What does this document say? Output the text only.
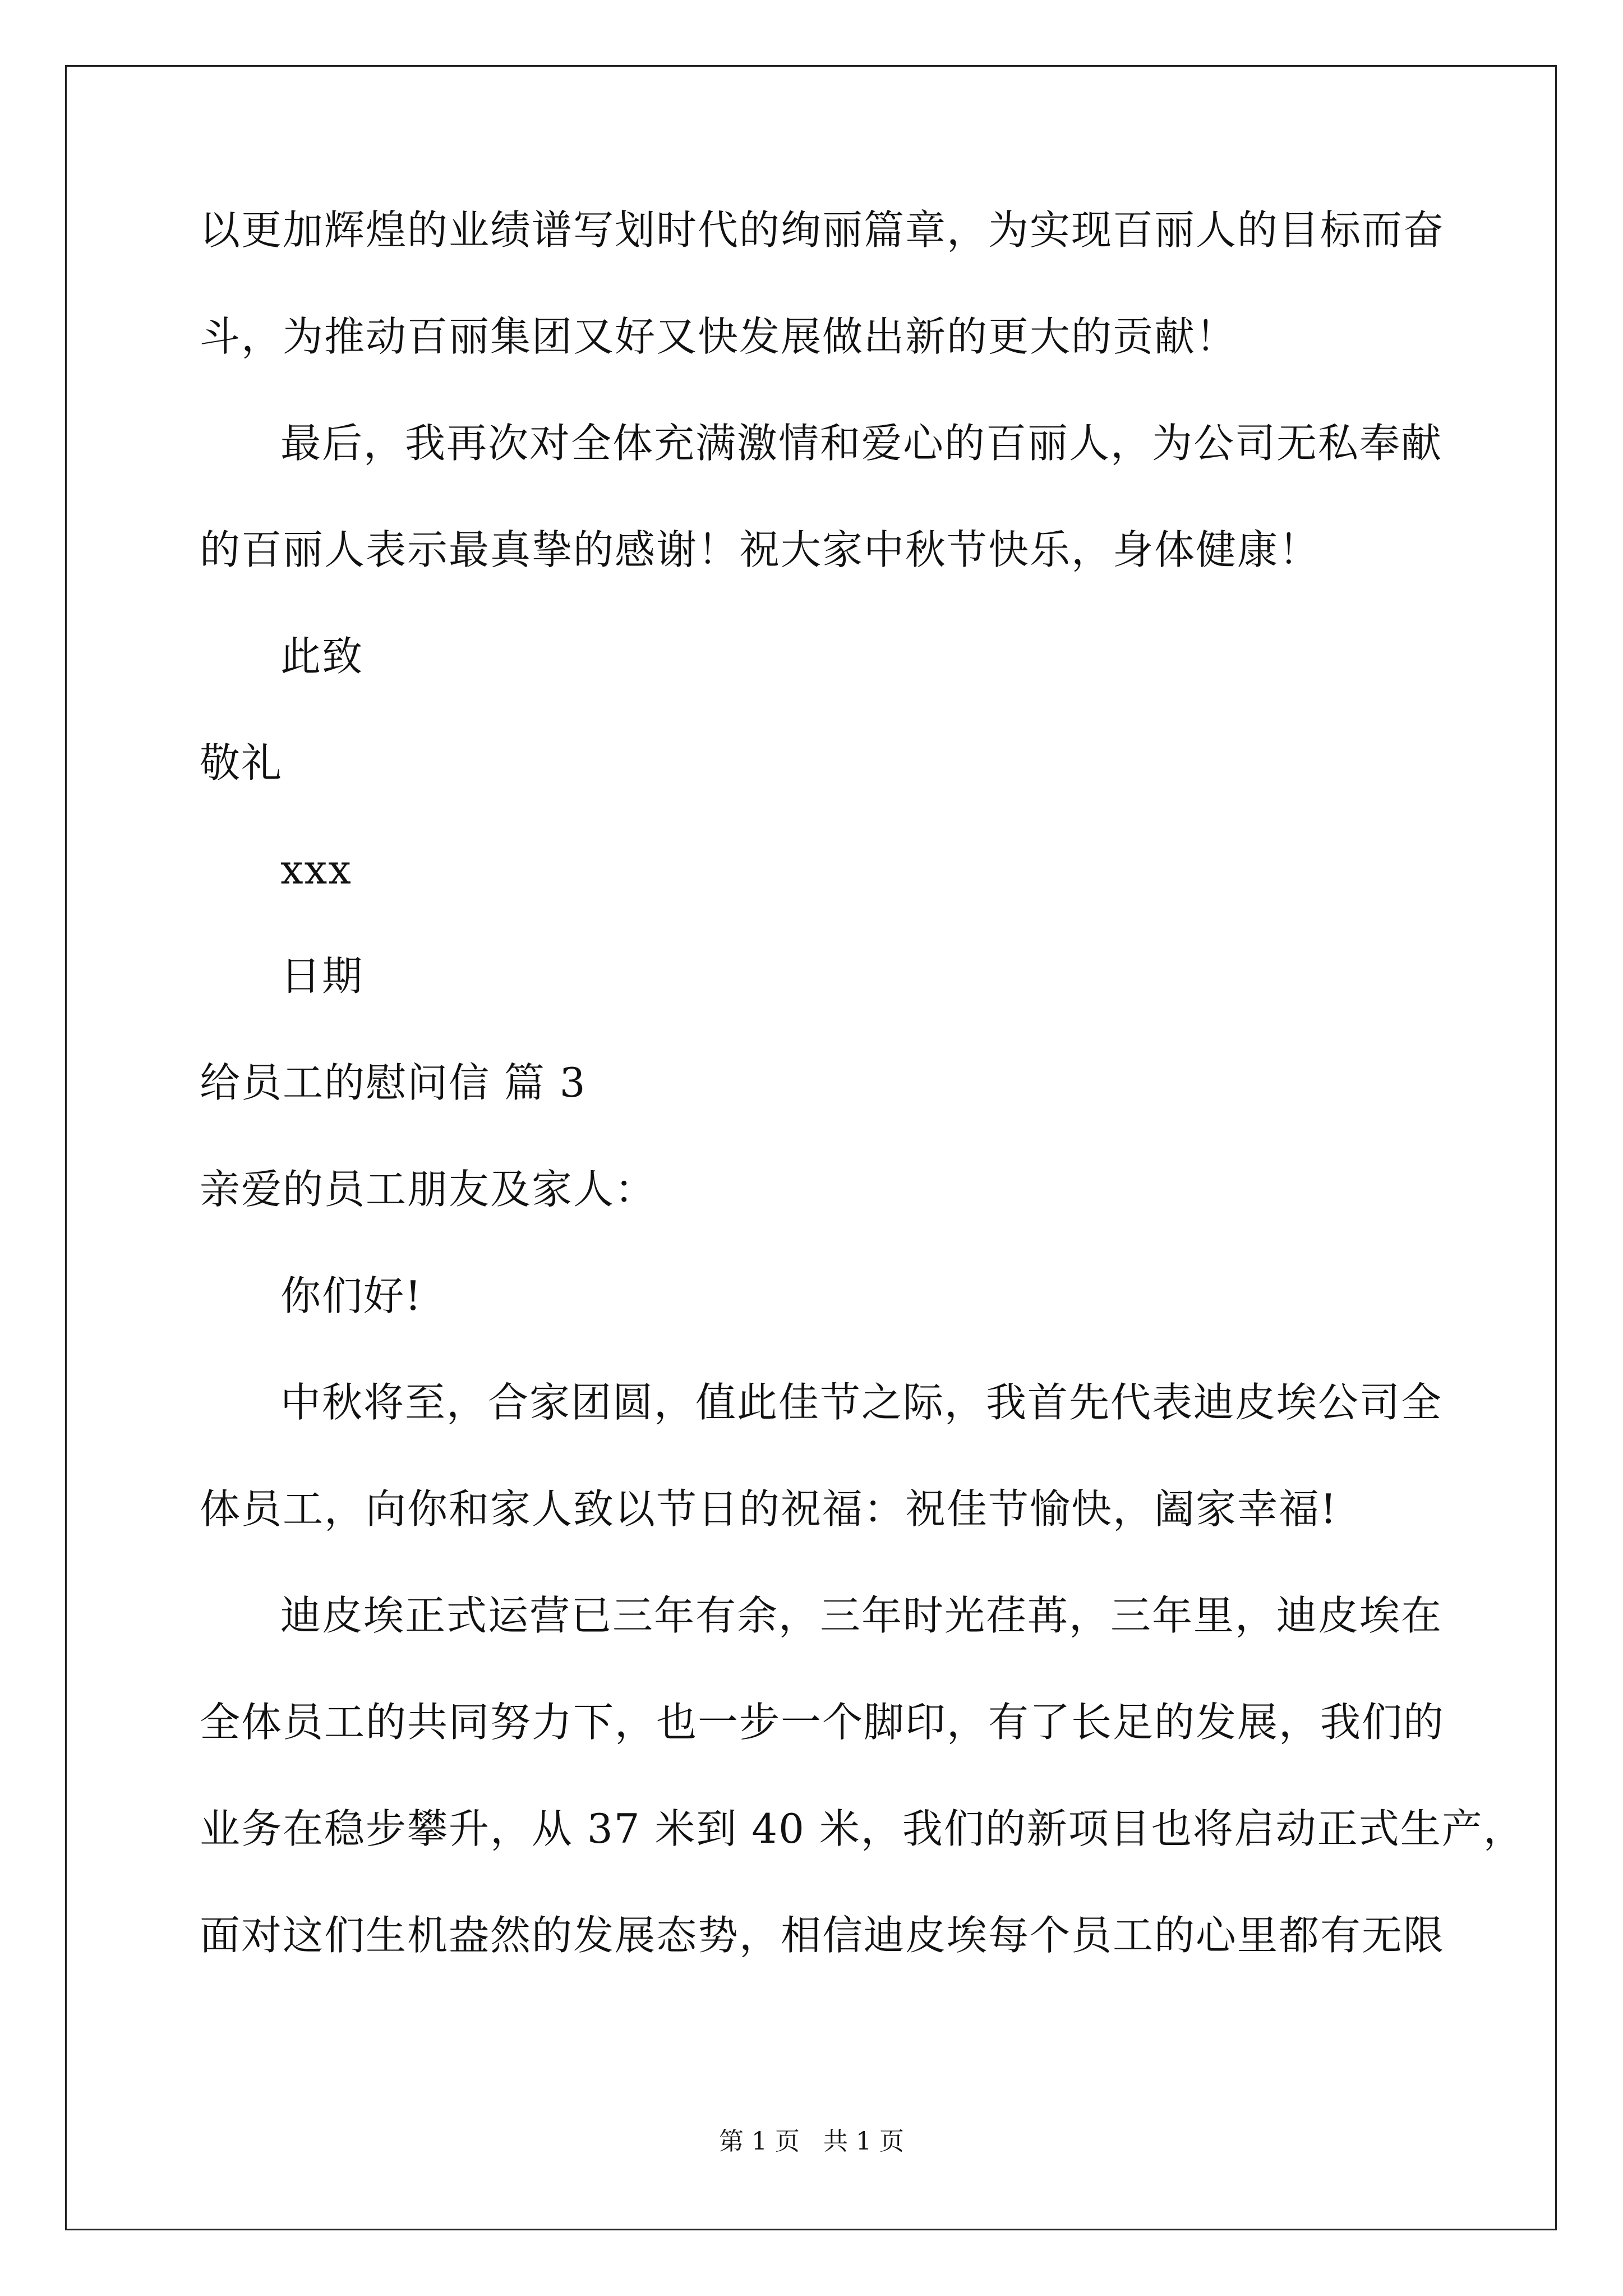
以更加辉煌的业绩谱写划时代的绚丽篇章，为实现百丽人的目标而奋
斗，为推动百丽集团又好又快发展做出新的更大的贡献！
最后，我再次对全体充满激情和爱心的百丽人，为公司无私奉献
的百丽人表示最真挚的感谢！祝大家中秋节快乐，身体健康！
此致
敬礼
xxx
日期
给员工的慰问信 篇 3
亲爱的员工朋友及家人：
你们好!
中秋将至，合家团圆，值此佳节之际，我首先代表迪皮埃公司全
体员工，向你和家人致以节日的祝福：祝佳节愉快，阖家幸福!
迪皮埃正式运营已三年有余，三年时光荏苒，三年里，迪皮埃在
全体员工的共同努力下，也一步一个脚印，有了长足的发展，我们的
业务在稳步攀升，从 37 米到 40 米，我们的新项目也将启动正式生产，
面对这们生机盎然的发展态势，相信迪皮埃每个员工的心里都有无限
第 1 页   共 1 页
